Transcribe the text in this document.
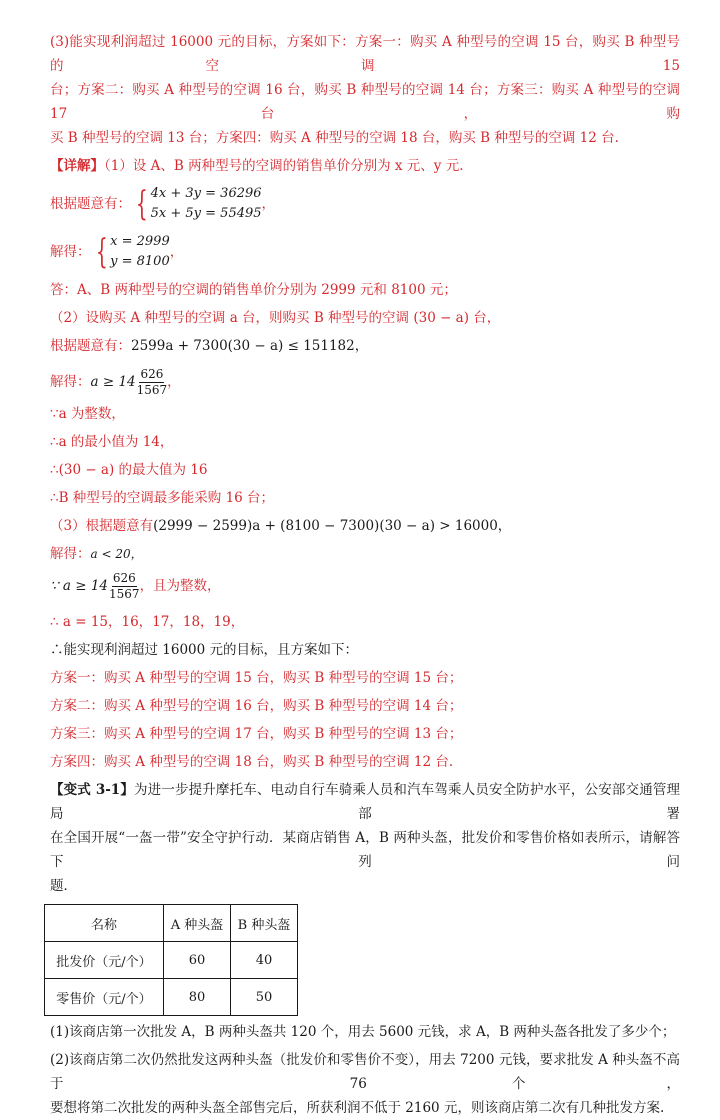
(3)能实现利润超过 16000 元的目标，方案如下：方案一：购买 A 种型号的空调 15 台，购买 B 种型号的空调 15
台；方案二：购买 A 种型号的空调 16 台，购买 B 种型号的空调 14 台；方案三：购买 A 种型号的空调 17 台，购
买 B 种型号的空调 13 台；方案四：购买 A 种型号的空调 18 台，购买 B 种型号的空调 12 台.
【详解】（1）设 A、B 两种型号的空调的销售单价分别为 x 元、y 元.
根据题意有： { 4x + 3y = 36296
5x + 5y = 55495
，
解得： { x = 2999
y = 8100
，
答：A、B 两种型号的空调的销售单价分别为 2999 元和 8100 元；
（2）设购买 A 种型号的空调 a 台，则购买 B 种型号的空调 (30 − a) 台，
根据题意有：2599a + 7300(30 − a) ≤ 151182，
解得： $a \ge 14 \frac{626}{1567}$ ，
∵a 为整数，
∴a 的最小值为 14，
∴(30 − a) 的最大值为 16
∴B 种型号的空调最多能采购 16 台；
（3）根据题意有(2999 − 2599)a + (8100 − 7300)(30 − a) > 16000，
解得：a < 20，
∵ $a \ge 14 \frac{626}{1567}$ ，且为整数，
∴ a = 15，16，17，18，19，
∴能实现利润超过 16000 元的目标，且方案如下：
方案一：购买 A 种型号的空调 15 台，购买 B 种型号的空调 15 台；
方案二：购买 A 种型号的空调 16 台，购买 B 种型号的空调 14 台；
方案三：购买 A 种型号的空调 17 台，购买 B 种型号的空调 13 台；
方案四：购买 A 种型号的空调 18 台，购买 B 种型号的空调 12 台.
【变式 3-1】为进一步提升摩托车、电动自行车骑乘人员和汽车驾乘人员安全防护水平，公安部交通管理局部署
在全国开展“一盔一带”安全守护行动．某商店销售 A，B 两种头盔，批发价和零售价格如表所示，请解答下列问
题．
名称	A 种头盔	B 种头盔
批发价（元/个）	60	40
零售价（元/个）	80	50
(1)该商店第一次批发 A，B 两种头盔共 120 个，用去 5600 元钱，求 A，B 两种头盔各批发了多少个；
(2)该商店第二次仍然批发这两种头盔（批发价和零售价不变），用去 7200 元钱，要求批发 A 种头盔不高于 76 个，
要想将第二次批发的两种头盔全部售完后，所获利润不低于 2160 元，则该商店第二次有几种批发方案.
